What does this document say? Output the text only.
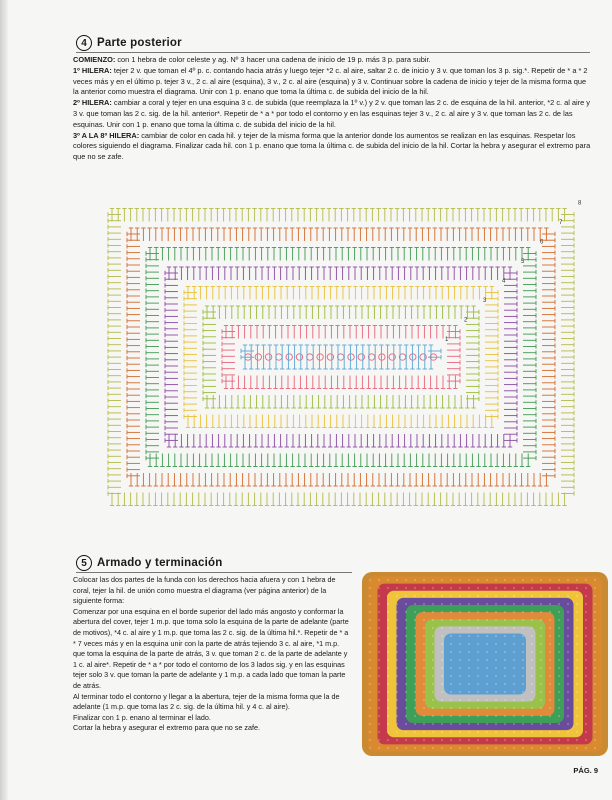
4 Parte posterior

COMIENZO: con 1 hebra de color celeste y ag. Nº 3 hacer una cadena de inicio de 19 p. más 3 p. para subir.

1º HILERA: tejer 2 v. que toman el 4º p. c. contando hacia atrás y luego tejer *2 c. al aire, saltar 2 c. de inicio y 3 v. que toman los 3 p. sig.*. Repetir de * a * 2 veces más y en el último p. tejer 3 v., 2 c. al aire (esquina), 3 v., 2 c. al aire (esquina) y 3 v. Continuar sobre la cadena de inicio y tejer de la misma forma que la anterior como muestra el diagrama. Unir con 1 p. enano que toma la última c. de subida del inicio de la hil.

2º HILERA: cambiar a coral y tejer en una esquina 3 c. de subida (que reemplaza la 1º v.) y 2 v. que toman las 2 c. de esquina de la hil. anterior, *2 c. al aire y 3 v. que toman las 2 c. sig. de la hil. anterior*. Repetir de * a * por todo el contorno y en las esquinas tejer 3 v., 2 c. al aire y 3 v. que toman las 2 c. de las esquinas. Unir con 1 p. enano que toma la última c. de subida del inicio de la hil.

3º A LA 8º HILERA: cambiar de color en cada hil. y tejer de la misma forma que la anterior donde los aumentos se realizan en las esquinas. Respetar los colores siguiendo el diagrama. Finalizar cada hil. con 1 p. enano que toma la última c. de subida del inicio de la hil. Cortar la hebra y asegurar el extremo para que no se zafe.

1
2
3
4
5
6
7
8
5 Armado y terminación

Colocar las dos partes de la funda con los derechos hacia afuera y con 1 hebra de coral, tejer la hil. de unión como muestra el diagrama (ver página anterior) de la siguiente forma:

Comenzar por una esquina en el borde superior del lado más angosto y conformar la abertura del cover, tejer 1 m.p. que toma solo la esquina de la parte de adelante (parte de motivos), *4 c. al aire y 1 m.p. que toma las 2 c. sig. de la última hil.*. Repetir de * a * 7 veces más y en la esquina unir con la parte de atrás tejiendo 3 c. al aire, *1 m.p. que toma la esquina de la parte de atrás, 3 v. que toman 2 c. de la parte de adelante y 1 c. al aire*. Repetir de * a * por todo el contorno de los 3 lados sig. y en las esquinas tejer solo 3 v. que toman la parte de adelante y 1 m.p. a cada lado que toman la parte de atrás.

Al terminar todo el contorno y llegar a la abertura, tejer de la misma forma que la de adelante (1 m.p. que toma las 2 c. sig. de la última hil. y 4 c. al aire).

Finalizar con 1 p. enano al terminar el lado.

Cortar la hebra y asegurar el extremo para que no se zafe.

PÁG. 9
